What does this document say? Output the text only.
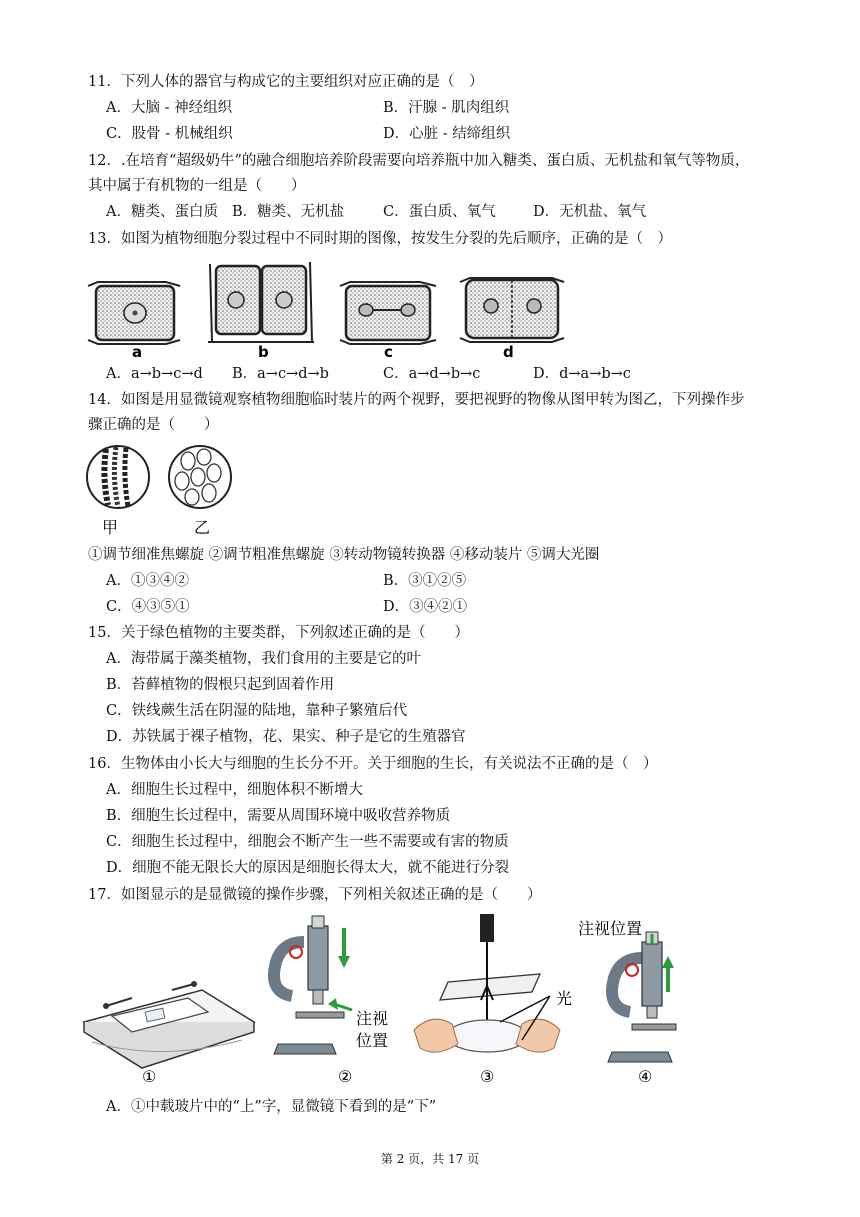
11．下列人体的器官与构成它的主要组织对应正确的是（　）
A．大脑 - 神经组织	B．汗腺 - 肌肉组织
C．股骨 - 机械组织	D．心脏 - 结缔组织
12．.在培育“超级奶牛”的融合细胞培养阶段需要向培养瓶中加入糖类、蛋白质、无机盐和氧气等物质，
其中属于有机物的一组是（　　）
A．糖类、蛋白质 B．糖类、无机盐	C．蛋白质、氧气	D．无机盐、氧气
13．如图为植物细胞分裂过程中不同时期的图像，按发生分裂的先后顺序，正确的是（　）
a	b	c	d
A．a→b→c→d B．a→c→d→b	C．a→d→b→c	D．d→a→b→c
14．如图是用显微镜观察植物细胞临时装片的两个视野，要把视野的物像从图甲转为图乙，下列操作步
骤正确的是（　　）
甲	乙
①调节细准焦螺旋 ②调节粗准焦螺旋 ③转动物镜转换器 ④移动装片 ⑤调大光圈
A．①③④②	B．③①②⑤
C．④③⑤①	D．③④②①
15．关于绿色植物的主要类群，下列叙述正确的是（　　）
A．海带属于藻类植物，我们食用的主要是它的叶
B．苔藓植物的假根只起到固着作用
C．铁线蕨生活在阴湿的陆地，靠种子繁殖后代
D．苏铁属于裸子植物，花、果实、种子是它的生殖器官
16．生物体由小长大与细胞的生长分不开。关于细胞的生长，有关说法不正确的是（　）
A．细胞生长过程中，细胞体积不断增大
B．细胞生长过程中，需要从周围环境中吸收营养物质
C．细胞生长过程中，细胞会不断产生一些不需要或有害的物质
D．细胞不能无限长大的原因是细胞长得太大，就不能进行分裂
17．如图显示的是显微镜的操作步骤，下列相关叙述正确的是（　　）
注视
位置
光
注视位置
①	②	③	④
A．①中载玻片中的“上”字，显微镜下看到的是“下”
第 2 页，共 17 页
